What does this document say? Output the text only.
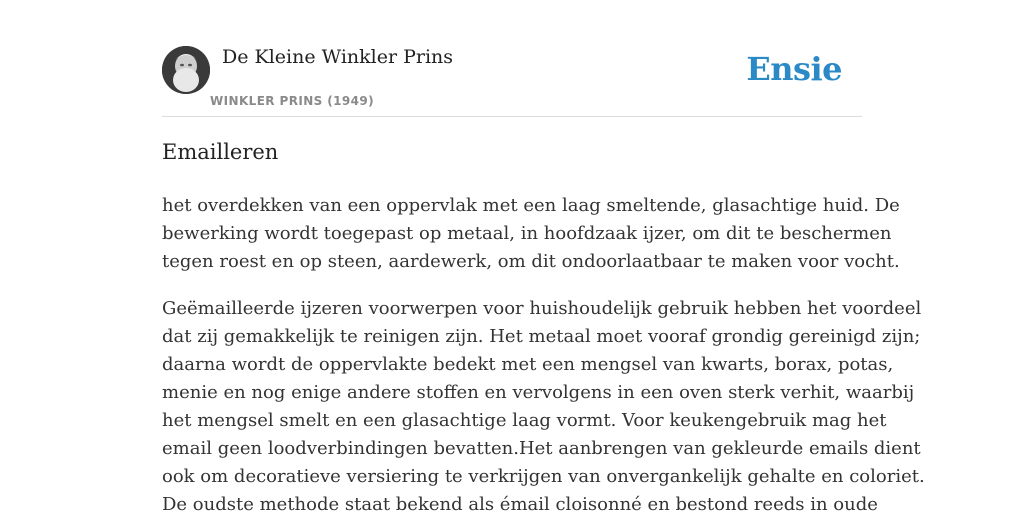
De Kleine Winkler Prins
WINKLER PRINS (1949)
Ensie
Emailleren

het overdekken van een oppervlak met een laag smeltende, glasachtige huid. De
bewerking wordt toegepast op metaal, in hoofdzaak ijzer, om dit te beschermen
tegen roest en op steen, aardewerk, om dit ondoorlaatbaar te maken voor vocht.

Geëmailleerde ijzeren voorwerpen voor huishoudelijk gebruik hebben het voordeel
dat zij gemakkelijk te reinigen zijn. Het metaal moet vooraf grondig gereinigd zijn;
daarna wordt de oppervlakte bedekt met een mengsel van kwarts, borax, potas,
menie en nog enige andere stoffen en vervolgens in een oven sterk verhit, waarbij
het mengsel smelt en een glasachtige laag vormt. Voor keukengebruik mag het
email geen loodverbindingen bevatten.Het aanbrengen van gekleurde emails dient
ook om decoratieve versiering te verkrijgen van onvergankelijk gehalte en coloriet.
De oudste methode staat bekend als émail cloisonné en bestond reeds in oude
